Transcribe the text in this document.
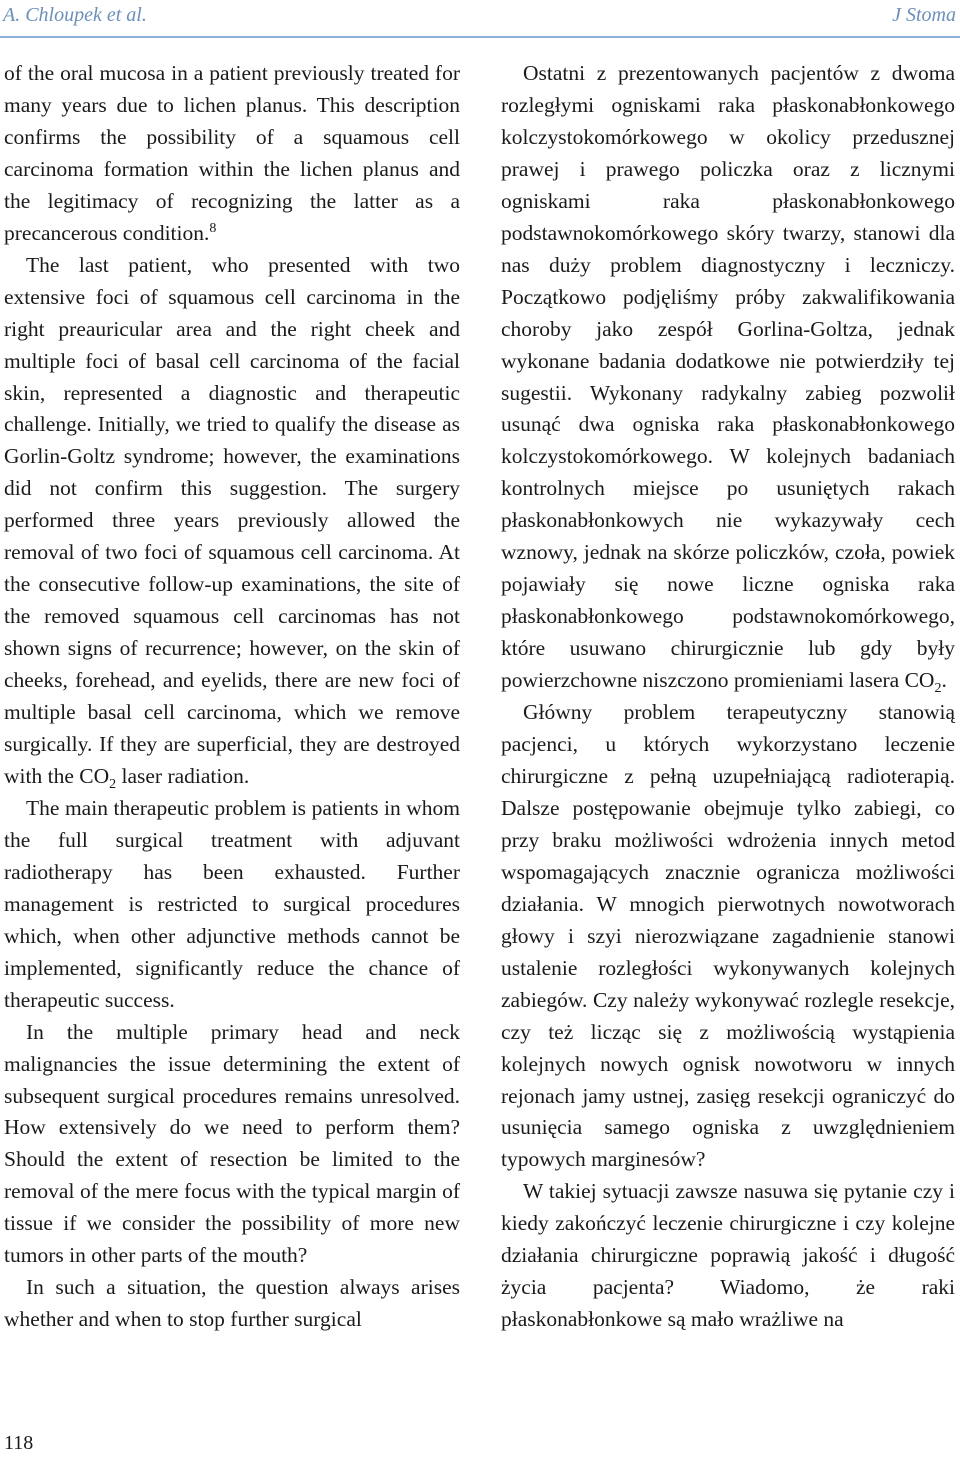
A. Chloupek et al.	J Stoma

of the oral mucosa in a patient previously treated for many years due to lichen planus. This description confirms the possibility of a squamous cell carcinoma formation within the lichen planus and the legitimacy of recognizing the latter as a precancerous condition.$^8$

The last patient, who presented with two extensive foci of squamous cell carcinoma in the right preauricular area and the right cheek and multiple foci of basal cell carcinoma of the facial skin, represented a diagnostic and therapeutic challenge. Initially, we tried to qualify the disease as Gorlin-Goltz syndrome; however, the examinations did not confirm this suggestion. The surgery performed three years previously allowed the removal of two foci of squamous cell carcinoma. At the consecutive follow-up examinations, the site of the removed squamous cell carcinomas has not shown signs of recurrence; however, on the skin of cheeks, forehead, and eyelids, there are new foci of multiple basal cell carcinoma, which we remove surgically. If they are superficial, they are destroyed with the $CO_2$ laser radiation.

The main therapeutic problem is patients in whom the full surgical treatment with adjuvant radiotherapy has been exhausted. Further management is restricted to surgical procedures which, when other adjunctive methods cannot be implemented, significantly reduce the chance of therapeutic success.

In the multiple primary head and neck malignancies the issue determining the extent of subsequent surgical procedures remains unresolved. How extensively do we need to perform them? Should the extent of resection be limited to the removal of the mere focus with the typical margin of tissue if we consider the possibility of more new tumors in other parts of the mouth?

In such a situation, the question always arises whether and when to stop further surgical

Ostatni z prezentowanych pacjentów z dwoma rozległymi ogniskami raka płaskonabłonkowego kolczystokomórkowego w okolicy przedusznej prawej i prawego policzka oraz z licznymi ogniskami raka płaskonabłonkowego podstawnokomórkowego skóry twarzy, stanowi dla nas duży problem diagnostyczny i leczniczy. Początkowo podjęliśmy próby zakwalifikowania choroby jako zespół Gorlina-Goltza, jednak wykonane badania dodatkowe nie potwierdziły tej sugestii. Wykonany radykalny zabieg pozwolił usunąć dwa ogniska raka płaskonabłonkowego kolczystokomórkowego. W kolejnych badaniach kontrolnych miejsce po usuniętych rakach płaskonabłonkowych nie wykazywały cech wznowy, jednak na skórze policzków, czoła, powiek pojawiały się nowe liczne ogniska raka płaskonabłonkowego podstawnokomórkowego, które usuwano chirurgicznie lub gdy były powierzchowne niszczono promieniami lasera $CO_2$.

Główny problem terapeutyczny stanowią pacjenci, u których wykorzystano leczenie chirurgiczne z pełną uzupełniającą radioterapią. Dalsze postępowanie obejmuje tylko zabiegi, co przy braku możliwości wdrożenia innych metod wspomagających znacznie ogranicza możliwości działania. W mnogich pierwotnych nowotworach głowy i szyi nierozwiązane zagadnienie stanowi ustalenie rozległości wykonywanych kolejnych zabiegów. Czy należy wykonywać rozlegle resekcje, czy też licząc się z możliwością wystąpienia kolejnych nowych ognisk nowotworu w innych rejonach jamy ustnej, zasięg resekcji ograniczyć do usunięcia samego ogniska z uwzględnieniem typowych marginesów?

W takiej sytuacji zawsze nasuwa się pytanie czy i kiedy zakończyć leczenie chirurgiczne i czy kolejne działania chirurgiczne poprawią jakość i długość życia pacjenta? Wiadomo, że raki płaskonabłonkowe są mało wrażliwe na

118
